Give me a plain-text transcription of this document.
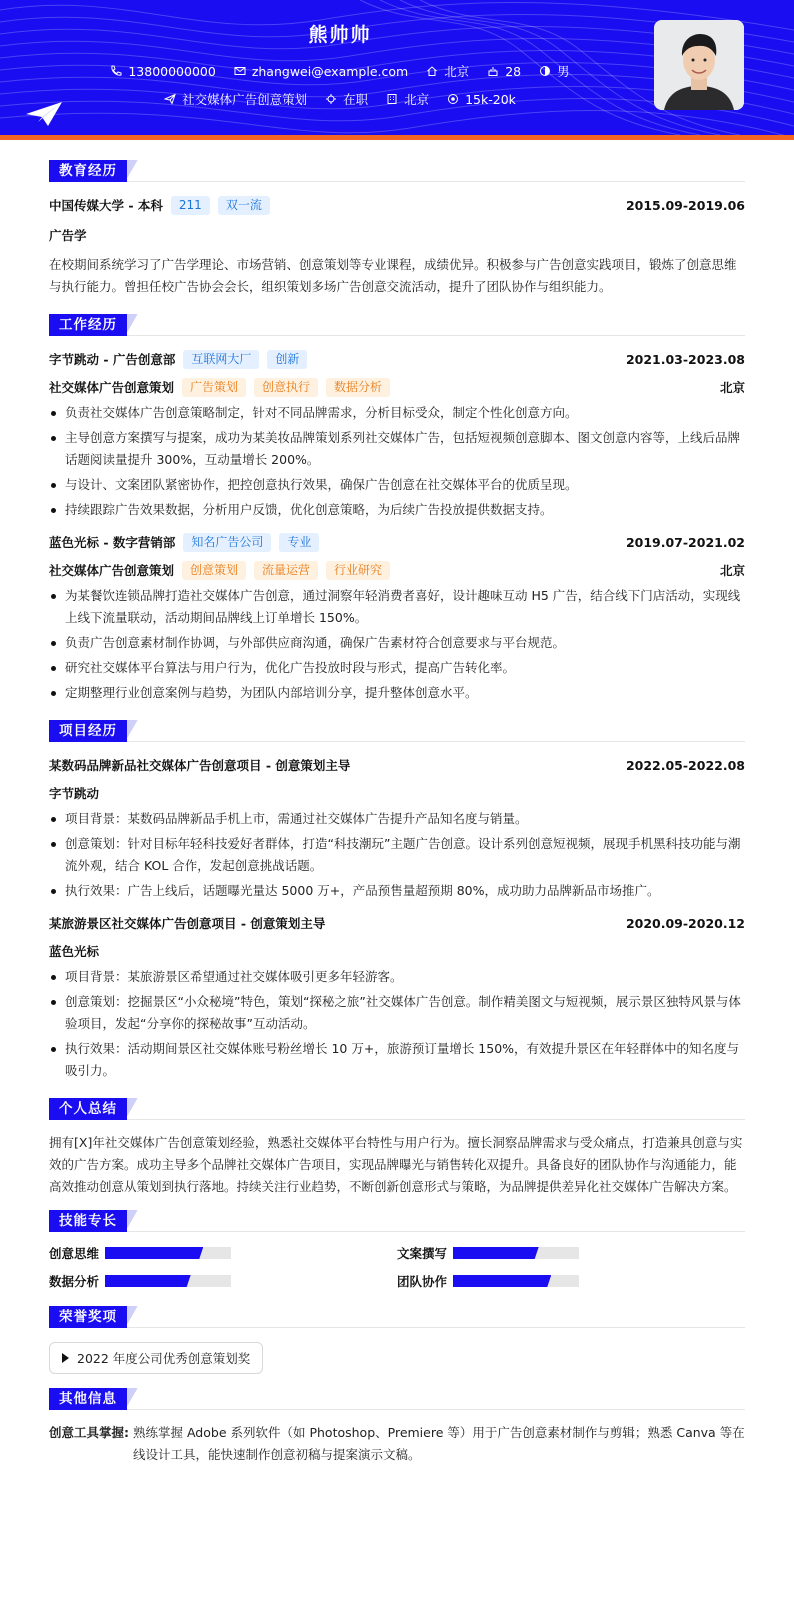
熊帅帅
13800000000	zhangwei@example.com	北京	28	男
社交媒体广告创意策划	在职	北京	15k-20k
教育经历
中国传媒大学 - 本科	211	双一流	2015.09-2019.06
广告学
在校期间系统学习了广告学理论、市场营销、创意策划等专业课程，成绩优异。积极参与广告创意实践项目，锻炼了创意思维与执行能力。曾担任校广告协会会长，组织策划多场广告创意交流活动，提升了团队协作与组织能力。
工作经历
字节跳动 - 广告创意部	互联网大厂	创新	2021.03-2023.08
社交媒体广告创意策划	广告策划	创意执行	数据分析	北京
负责社交媒体广告创意策略制定，针对不同品牌需求，分析目标受众，制定个性化创意方向。
主导创意方案撰写与提案，成功为某美妆品牌策划系列社交媒体广告，包括短视频创意脚本、图文创意内容等，上线后品牌话题阅读量提升 300%，互动量增长 200%。
与设计、文案团队紧密协作，把控创意执行效果，确保广告创意在社交媒体平台的优质呈现。
持续跟踪广告效果数据，分析用户反馈，优化创意策略，为后续广告投放提供数据支持。
蓝色光标 - 数字营销部	知名广告公司	专业	2019.07-2021.02
社交媒体广告创意策划	创意策划	流量运营	行业研究	北京
为某餐饮连锁品牌打造社交媒体广告创意，通过洞察年轻消费者喜好，设计趣味互动 H5 广告，结合线下门店活动，实现线上线下流量联动，活动期间品牌线上订单增长 150%。
负责广告创意素材制作协调，与外部供应商沟通，确保广告素材符合创意要求与平台规范。
研究社交媒体平台算法与用户行为，优化广告投放时段与形式，提高广告转化率。
定期整理行业创意案例与趋势，为团队内部培训分享，提升整体创意水平。
项目经历
某数码品牌新品社交媒体广告创意项目 - 创意策划主导	2022.05-2022.08
字节跳动
项目背景：某数码品牌新品手机上市，需通过社交媒体广告提升产品知名度与销量。
创意策划：针对目标年轻科技爱好者群体，打造“科技潮玩”主题广告创意。设计系列创意短视频，展现手机黑科技功能与潮流外观，结合 KOL 合作，发起创意挑战话题。
执行效果：广告上线后，话题曝光量达 5000 万+，产品预售量超预期 80%，成功助力品牌新品市场推广。
某旅游景区社交媒体广告创意项目 - 创意策划主导	2020.09-2020.12
蓝色光标
项目背景：某旅游景区希望通过社交媒体吸引更多年轻游客。
创意策划：挖掘景区“小众秘境”特色，策划“探秘之旅”社交媒体广告创意。制作精美图文与短视频，展示景区独特风景与体验项目，发起“分享你的探秘故事”互动活动。
执行效果：活动期间景区社交媒体账号粉丝增长 10 万+，旅游预订量增长 150%，有效提升景区在年轻群体中的知名度与吸引力。
个人总结
拥有[X]年社交媒体广告创意策划经验，熟悉社交媒体平台特性与用户行为。擅长洞察品牌需求与受众痛点，打造兼具创意与实效的广告方案。成功主导多个品牌社交媒体广告项目，实现品牌曝光与销售转化双提升。具备良好的团队协作与沟通能力，能高效推动创意从策划到执行落地。持续关注行业趋势，不断创新创意形式与策略，为品牌提供差异化社交媒体广告解决方案。
技能专长
创意思维	文案撰写
数据分析	团队协作
荣誉奖项
2022 年度公司优秀创意策划奖
其他信息
创意工具掌握: 熟练掌握 Adobe 系列软件（如 Photoshop、Premiere 等）用于广告创意素材制作与剪辑；熟悉 Canva 等在线设计工具，能快速制作创意初稿与提案演示文稿。
